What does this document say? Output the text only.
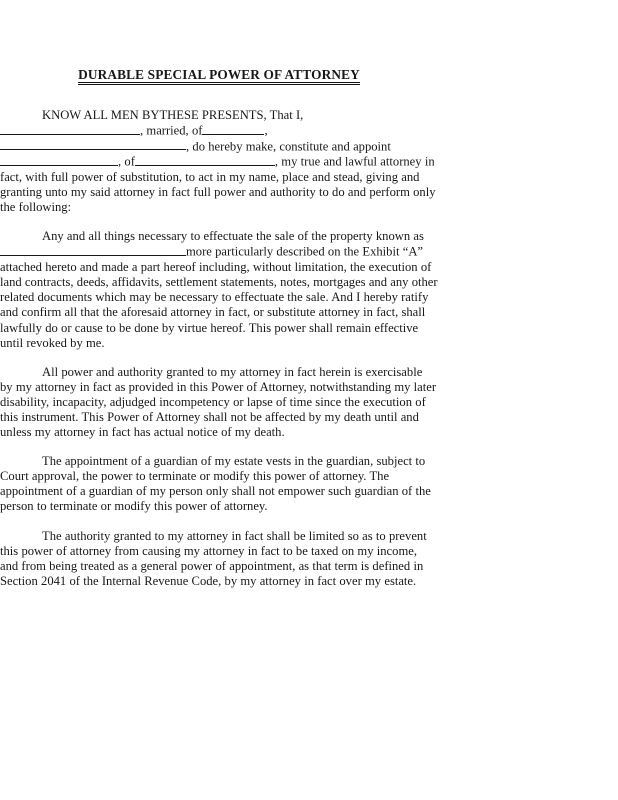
DURABLE SPECIAL POWER OF ATTORNEY

KNOW ALL MEN BYTHESE PRESENTS, That I,, married, of	,, do hereby make, constitute and appoint
, of	, my true and lawful attorney in fact, with full power of substitution, to act in my name, place and stead, giving and granting unto my said attorney in fact full power and authority to do and perform only the following:

Any and all things necessary to effectuate the sale of the property known as
more particularly described on the Exhibit “A” attached hereto and made a part hereof including, without limitation, the execution of land contracts, deeds, affidavits, settlement statements, notes, mortgages and any other related documents which may be necessary to effectuate the sale. And I hereby ratify and confirm all that the aforesaid attorney in fact, or substitute attorney in fact, shall lawfully do or cause to be done by virtue hereof. This power shall remain effective until revoked by me.

All power and authority granted to my attorney in fact herein is exercisable by my attorney in fact as provided in this Power of Attorney, notwithstanding my later disability, incapacity, adjudged incompetency or lapse of time since the execution of this instrument. This Power of Attorney shall not be affected by my death until and unless my attorney in fact has actual notice of my death.

The appointment of a guardian of my estate vests in the guardian, subject to Court approval, the power to terminate or modify this power of attorney. The appointment of a guardian of my person only shall not empower such guardian of the person to terminate or modify this power of attorney.

The authority granted to my attorney in fact shall be limited so as to prevent this power of attorney from causing my attorney in fact to be taxed on my income, and from being treated as a general power of appointment, as that term is defined in Section 2041 of the Internal Revenue Code, by my attorney in fact over my estate.
